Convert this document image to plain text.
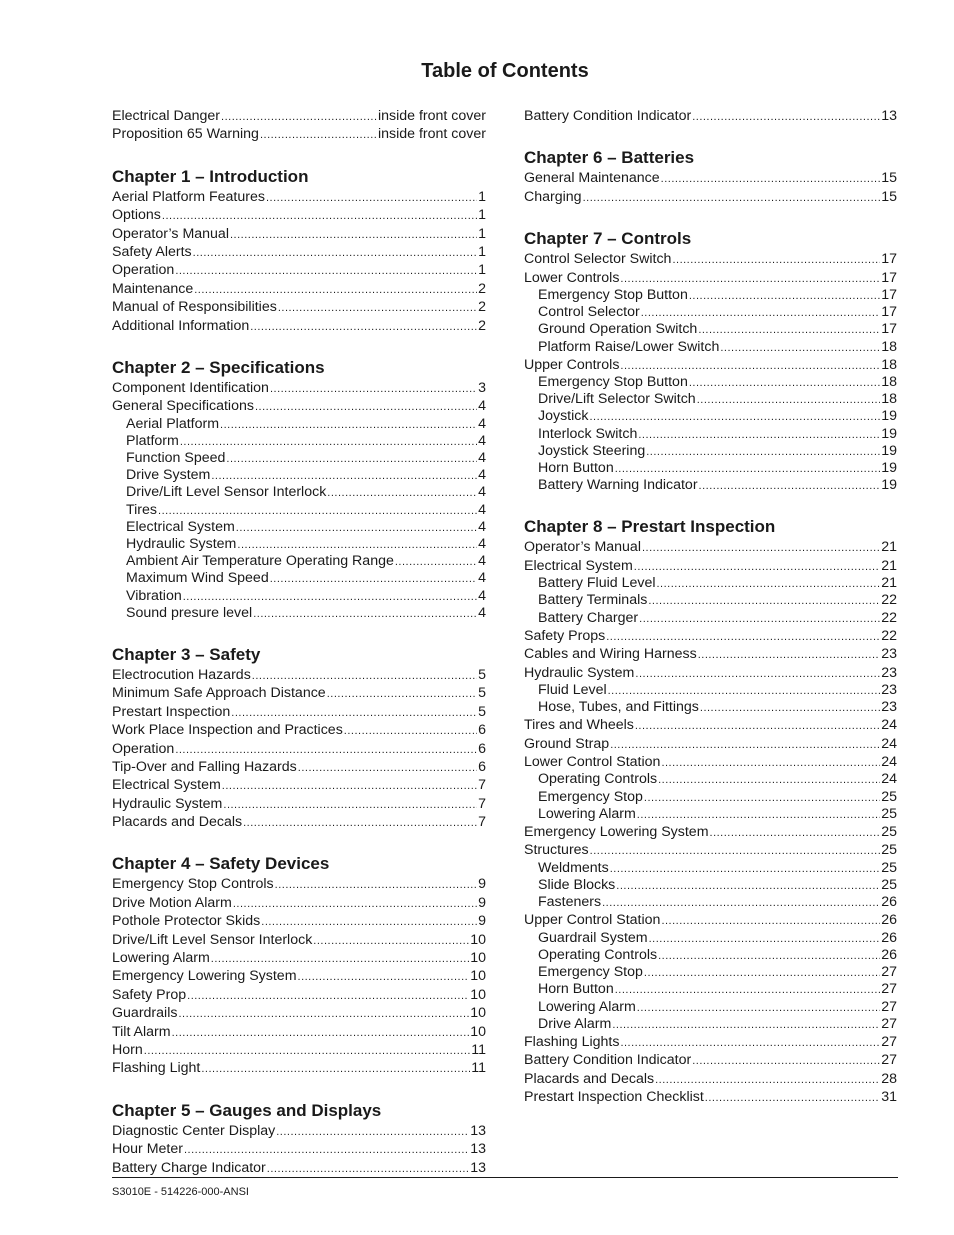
Table of Contents
Electrical Danger .....	inside front cover
Proposition 65 Warning .....	inside front cover
Chapter 1 – Introduction
Aerial Platform Features .....	1
Options .....	1
Operator’s Manual .....	1
Safety Alerts .....	1
Operation .....	1
Maintenance .....	2
Manual of Responsibilities .....	2
Additional Information .....	2
Chapter 2 – Specifications
Component Identification .....	3
General Specifications .....	4
Aerial Platform .....	4
Platform .....	4
Function Speed .....	4
Drive System .....	4
Drive/Lift Level Sensor Interlock .....	4
Tires .....	4
Electrical System .....	4
Hydraulic System .....	4
Ambient Air Temperature Operating Range .....	4
Maximum Wind Speed .....	4
Vibration .....	4
Sound presure level .....	4
Chapter 3 – Safety
Electrocution Hazards .....	5
Minimum Safe Approach Distance .....	5
Prestart Inspection .....	5
Work Place Inspection and Practices .....	6
Operation .....	6
Tip-Over and Falling Hazards .....	6
Electrical System .....	7
Hydraulic System .....	7
Placards and Decals .....	7
Chapter 4 – Safety Devices
Emergency Stop Controls .....	9
Drive Motion Alarm .....	9
Pothole Protector Skids .....	9
Drive/Lift Level Sensor Interlock .....	10
Lowering Alarm .....	10
Emergency Lowering System .....	10
Safety Prop .....	10
Guardrails .....	10
Tilt Alarm .....	10
Horn .....	11
Flashing Light .....	11
Chapter 5 – Gauges and Displays
Diagnostic Center Display .....	13
Hour Meter .....	13
Battery Charge Indicator .....	13
Battery Condition Indicator .....	13
Chapter 6 – Batteries
General Maintenance .....	15
Charging .....	15
Chapter 7 – Controls
Control Selector Switch .....	17
Lower Controls .....	17
Emergency Stop Button .....	17
Control Selector .....	17
Ground Operation Switch .....	17
Platform Raise/Lower Switch .....	18
Upper Controls .....	18
Emergency Stop Button .....	18
Drive/Lift Selector Switch .....	18
Joystick .....	19
Interlock Switch .....	19
Joystick Steering .....	19
Horn Button .....	19
Battery Warning Indicator .....	19
Chapter 8 – Prestart Inspection
Operator’s Manual .....	21
Electrical System .....	21
Battery Fluid Level .....	21
Battery Terminals .....	22
Battery Charger .....	22
Safety Props .....	22
Cables and Wiring Harness .....	23
Hydraulic System .....	23
Fluid Level .....	23
Hose, Tubes, and Fittings .....	23
Tires and Wheels .....	24
Ground Strap .....	24
Lower Control Station .....	24
Operating Controls .....	24
Emergency Stop .....	25
Lowering Alarm .....	25
Emergency Lowering System .....	25
Structures .....	25
Weldments .....	25
Slide Blocks .....	25
Fasteners .....	26
Upper Control Station .....	26
Guardrail System .....	26
Operating Controls .....	26
Emergency Stop .....	27
Horn Button .....	27
Lowering Alarm .....	27
Drive Alarm .....	27
Flashing Lights .....	27
Battery Condition Indicator .....	27
Placards and Decals .....	28
Prestart Inspection Checklist .....	31
S3010E - 514226-000-ANSI
